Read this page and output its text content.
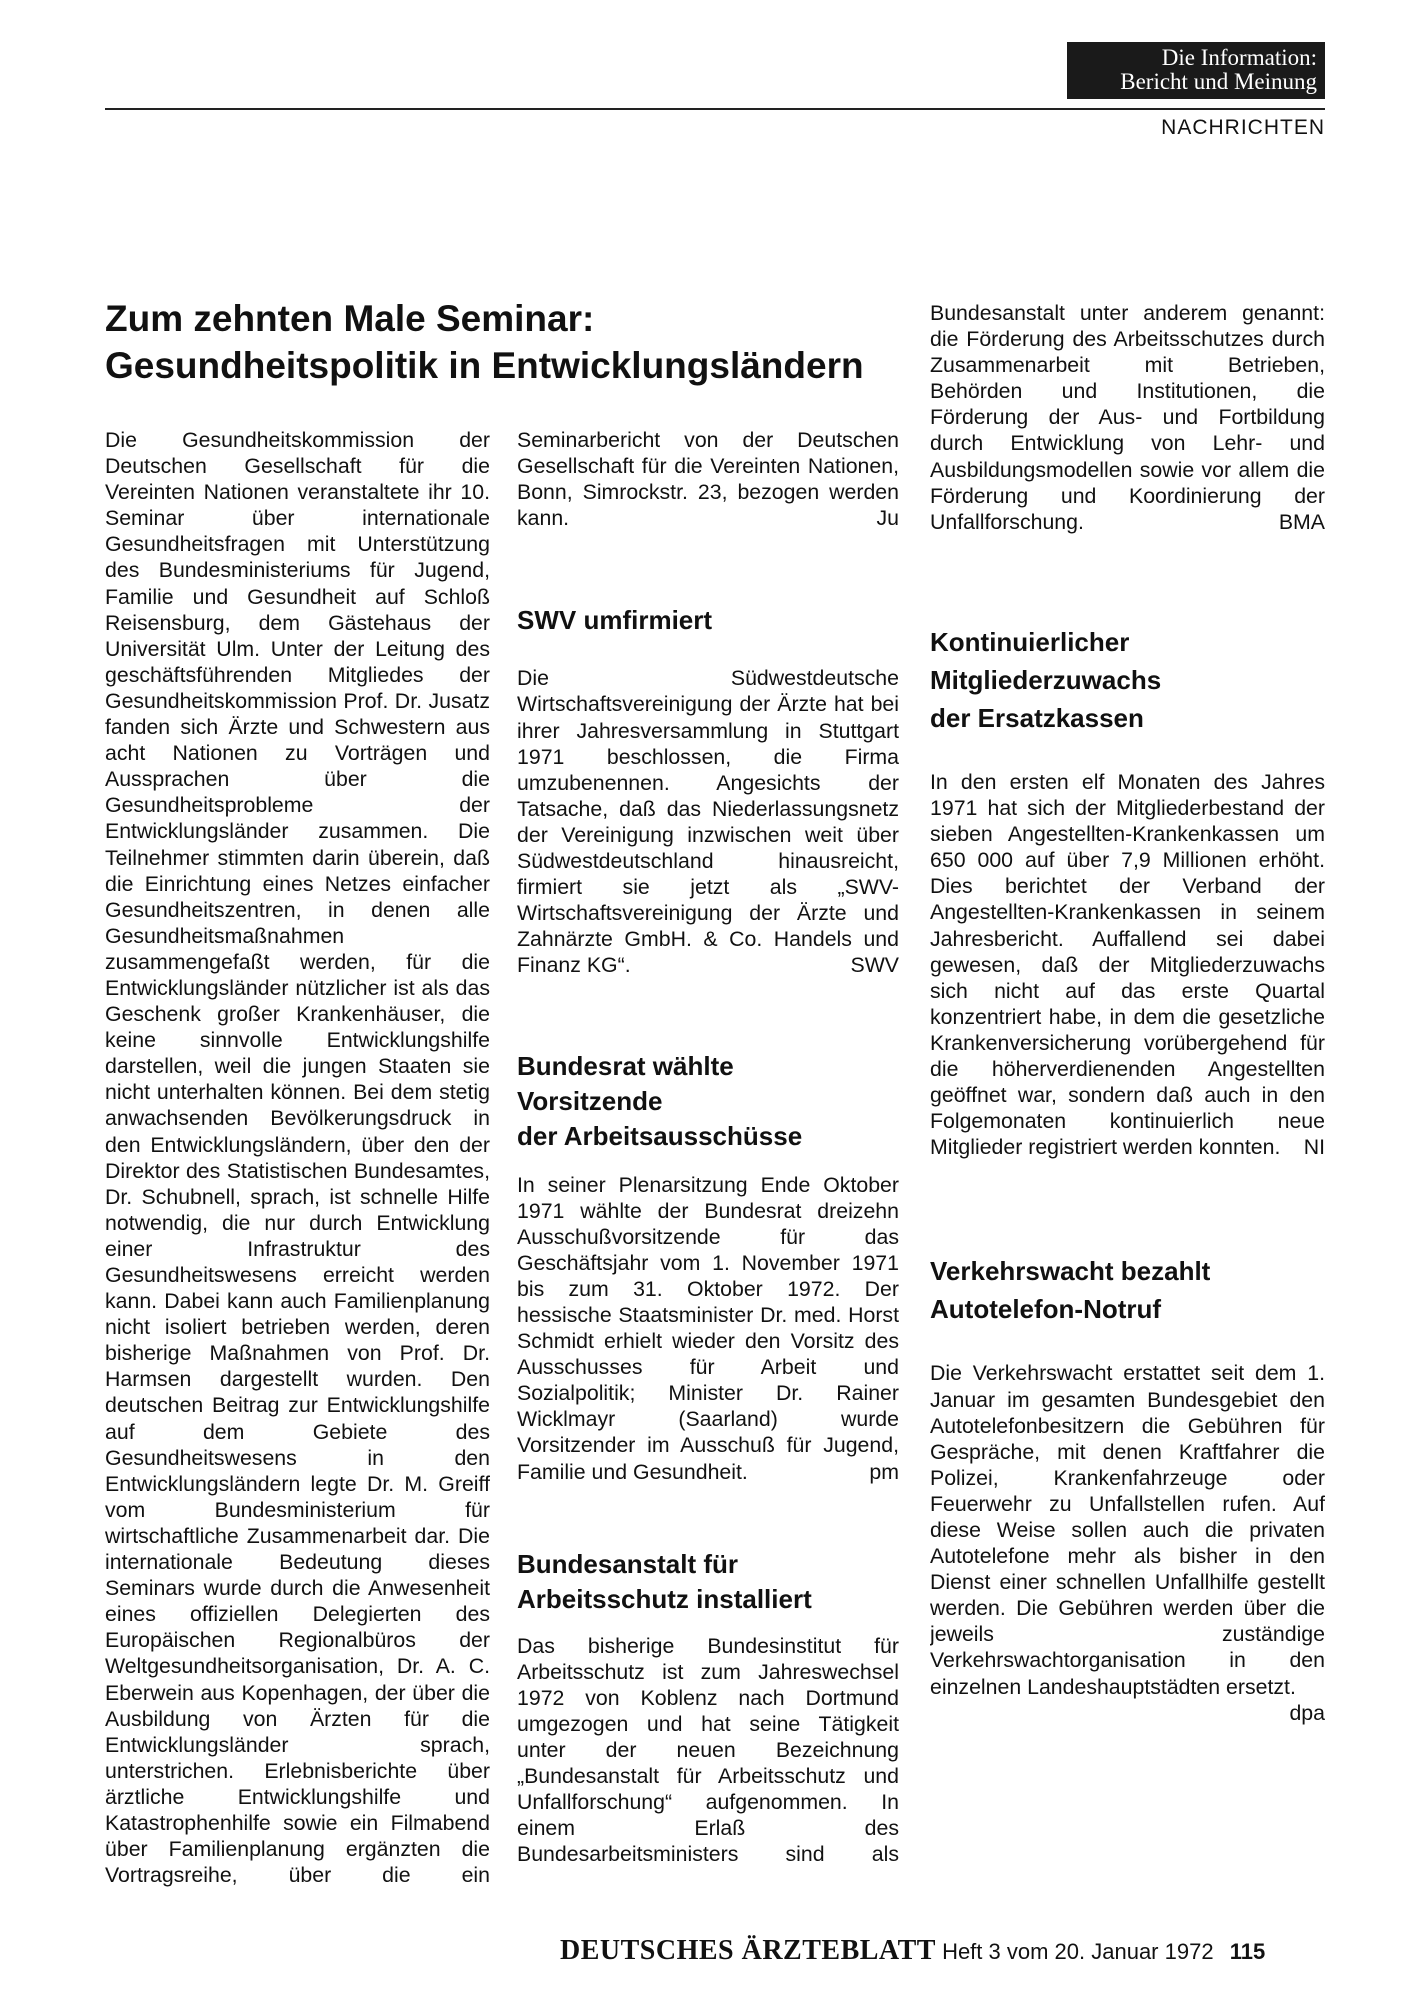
Die Information:
Bericht und Meinung
NACHRICHTEN
Zum zehnten Male Seminar:
Gesundheitspolitik in Entwicklungsländern

Die Gesundheitskommission der Deutschen Gesellschaft für die Vereinten Nationen veranstaltete ihr 10. Seminar über internationale Gesundheitsfragen mit Unterstützung des Bundesministeriums für Jugend, Familie und Gesundheit auf Schloß Reisensburg, dem Gästehaus der Universität Ulm. Unter der Leitung des geschäftsführenden Mitgliedes der Gesundheitskommission Prof. Dr. Jusatz fanden sich Ärzte und Schwestern aus acht Nationen zu Vorträgen und Aussprachen über die Gesundheitsprobleme der Entwicklungsländer zusammen. Die Teilnehmer stimmten darin überein, daß die Einrichtung eines Netzes einfacher Gesundheitszentren, in denen alle Gesundheitsmaßnahmen zusammengefaßt werden, für die Entwicklungsländer nützlicher ist als das Geschenk großer Krankenhäuser, die keine sinnvolle Entwicklungshilfe darstellen, weil die jungen Staaten sie nicht unterhalten können. Bei dem stetig anwachsenden Bevölkerungsdruck in den Entwicklungsländern, über den der Direktor des Statistischen Bundesamtes, Dr. Schubnell, sprach, ist schnelle Hilfe notwendig, die nur durch Entwicklung einer Infrastruktur des Gesundheitswesens erreicht werden kann. Dabei kann auch Familienplanung nicht isoliert betrieben werden, deren bisherige Maßnahmen von Prof. Dr. Harmsen dargestellt wurden. Den deutschen Beitrag zur Entwicklungshilfe auf dem Gebiete des Gesundheitswesens in den Entwicklungsländern legte Dr. M. Greiff vom Bundesministerium für wirtschaftliche Zusammenarbeit dar. Die internationale Bedeutung dieses Seminars wurde durch die Anwesenheit eines offiziellen Delegierten des Europäischen Regionalbüros der Weltgesundheitsorganisation, Dr. A. C. Eberwein aus Kopenhagen, der über die Ausbildung von Ärzten für die Entwicklungsländer sprach, unterstrichen. Erlebnisberichte über ärztliche Entwicklungshilfe und Katastrophenhilfe sowie ein Filmabend über Familienplanung ergänzten die Vortragsreihe, über die ein

Seminarbericht von der Deutschen Gesellschaft für die Vereinten Nationen, Bonn, Simrockstr. 23, bezogen werden kann.	Ju

SWV umfirmiert

Die Südwestdeutsche Wirtschaftsvereinigung der Ärzte hat bei ihrer Jahresversammlung in Stuttgart 1971 beschlossen, die Firma umzubenennen. Angesichts der Tatsache, daß das Niederlassungsnetz der Vereinigung inzwischen weit über Südwestdeutschland hinausreicht, firmiert sie jetzt als „SWV-Wirtschaftsvereinigung der Ärzte und Zahnärzte GmbH. & Co. Handels und Finanz KG“.	SWV

Bundesrat wählte
Vorsitzende
der Arbeitsausschüsse

In seiner Plenarsitzung Ende Oktober 1971 wählte der Bundesrat dreizehn Ausschußvorsitzende für das Geschäftsjahr vom 1. November 1971 bis zum 31. Oktober 1972. Der hessische Staatsminister Dr. med. Horst Schmidt erhielt wieder den Vorsitz des Ausschusses für Arbeit und Sozialpolitik; Minister Dr. Rainer Wicklmayr (Saarland) wurde Vorsitzender im Ausschuß für Jugend, Familie und Gesundheit.	pm

Bundesanstalt für
Arbeitsschutz installiert

Das bisherige Bundesinstitut für Arbeitsschutz ist zum Jahreswechsel 1972 von Koblenz nach Dortmund umgezogen und hat seine Tätigkeit unter der neuen Bezeichnung „Bundesanstalt für Arbeitsschutz und Unfallforschung“ aufgenommen. In einem Erlaß des Bundesarbeitsministers sind als

Bundesanstalt unter anderem genannt: die Förderung des Arbeitsschutzes durch Zusammenarbeit mit Betrieben, Behörden und Institutionen, die Förderung der Aus- und Fortbildung durch Entwicklung von Lehr- und Ausbildungsmodellen sowie vor allem die Förderung und Koordinierung der Unfallforschung.	BMA

Kontinuierlicher
Mitgliederzuwachs
der Ersatzkassen

In den ersten elf Monaten des Jahres 1971 hat sich der Mitgliederbestand der sieben Angestellten-Krankenkassen um 650 000 auf über 7,9 Millionen erhöht. Dies berichtet der Verband der Angestellten-Krankenkassen in seinem Jahresbericht. Auffallend sei dabei gewesen, daß der Mitgliederzuwachs sich nicht auf das erste Quartal konzentriert habe, in dem die gesetzliche Krankenversicherung vorübergehend für die höherverdienenden Angestellten geöffnet war, sondern daß auch in den Folgemonaten kontinuierlich neue Mitglieder registriert werden konnten. NI

Verkehrswacht bezahlt
Autotelefon-Notruf

Die Verkehrswacht erstattet seit dem 1. Januar im gesamten Bundesgebiet den Autotelefonbesitzern die Gebühren für Gespräche, mit denen Kraftfahrer die Polizei, Krankenfahrzeuge oder Feuerwehr zu Unfallstellen rufen. Auf diese Weise sollen auch die privaten Autotelefone mehr als bisher in den Dienst einer schnellen Unfallhilfe gestellt werden. Die Gebühren werden über die jeweils zuständige Verkehrswachtorganisation in den einzelnen Landeshauptstädten ersetzt.
dpa

DEUTSCHES ÄRZTEBLATT Heft 3 vom 20. Januar 1972 115
